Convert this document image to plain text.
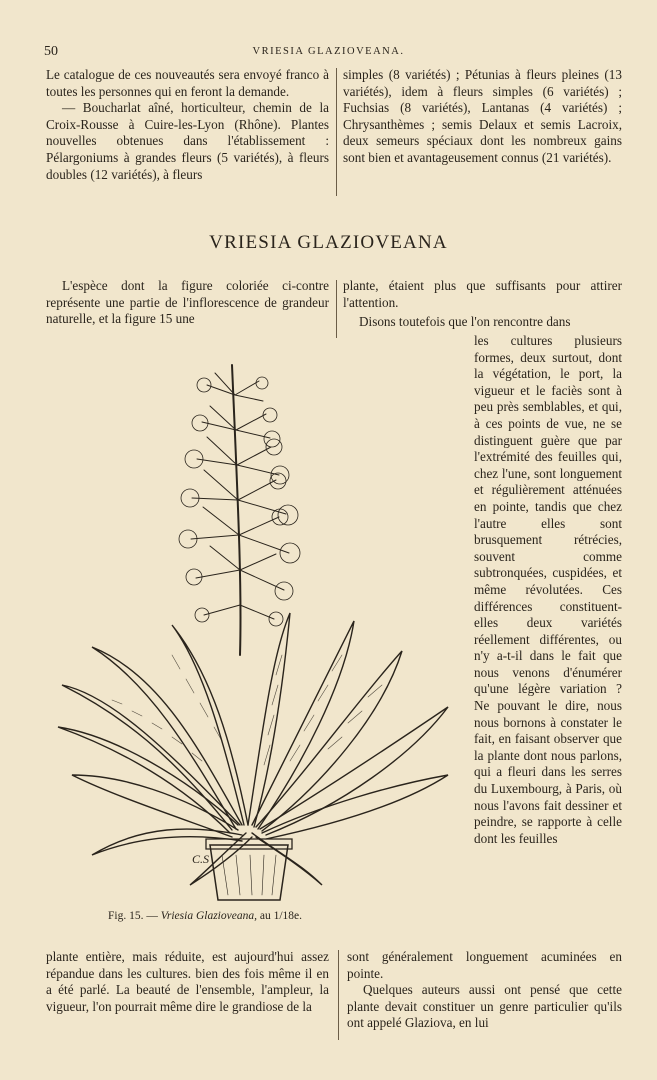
50	VRIESIA GLAZIOVEANA.

Le catalogue de ces nouveautés sera envoyé franco à toutes les personnes qui en feront la demande.

— Boucharlat aîné, horticulteur, chemin de la Croix-Rousse à Cuire-les-Lyon (Rhône). Plantes nouvelles obtenues dans l'établissement : Pélargoniums à grandes fleurs (5 variétés), à fleurs doubles (12 variétés), à fleurs

simples (8 variétés) ; Pétunias à fleurs pleines (13 variétés), idem à fleurs simples (6 variétés) ; Fuchsias (8 variétés), Lantanas (4 variétés) ; Chrysanthèmes ; semis Delaux et semis Lacroix, deux semeurs spéciaux dont les nombreux gains sont bien et avantageusement connus (21 variétés).

VRIESIA GLAZIOVEANA

L'espèce dont la figure coloriée ci-contre représente une partie de l'inflorescence de grandeur naturelle, et la figure 15 une

plante, étaient plus que suffisants pour attirer l'attention.

Disons toutefois que l'on rencontre dans

les cultures plusieurs formes, deux surtout, dont la végétation, le port, la vigueur et le faciès sont à peu près semblables, et qui, à ces points de vue, ne se distinguent guère que par l'extrémité des feuilles qui, chez l'une, sont longuement et régulièrement atténuées en pointe, tandis que chez l'autre elles sont brusquement rétrécies, souvent comme subtronquées, cuspidées, et même révolutées. Ces différences constituent-elles deux variétés réellement différentes, ou n'y a-t-il dans le fait que nous venons d'énumérer qu'une légère variation ? Ne pouvant le dire, nous nous bornons à constater le fait, en faisant observer que la plante dont nous parlons, qui a fleuri dans les serres du Luxembourg, à Paris, où nous l'avons fait dessiner et peindre, se rapporte à celle dont les feuilles

C.S
Fig. 15. — Vriesia Glazioveana, au 1/18e.

plante entière, mais réduite, est aujourd'hui assez répandue dans les cultures. bien des fois même il en a été parlé. La beauté de l'ensemble, l'ampleur, la vigueur, l'on pourrait même dire le grandiose de la

sont généralement longuement acuminées en pointe.

Quelques auteurs aussi ont pensé que cette plante devait constituer un genre particulier qu'ils ont appelé Glaziova, en lui
